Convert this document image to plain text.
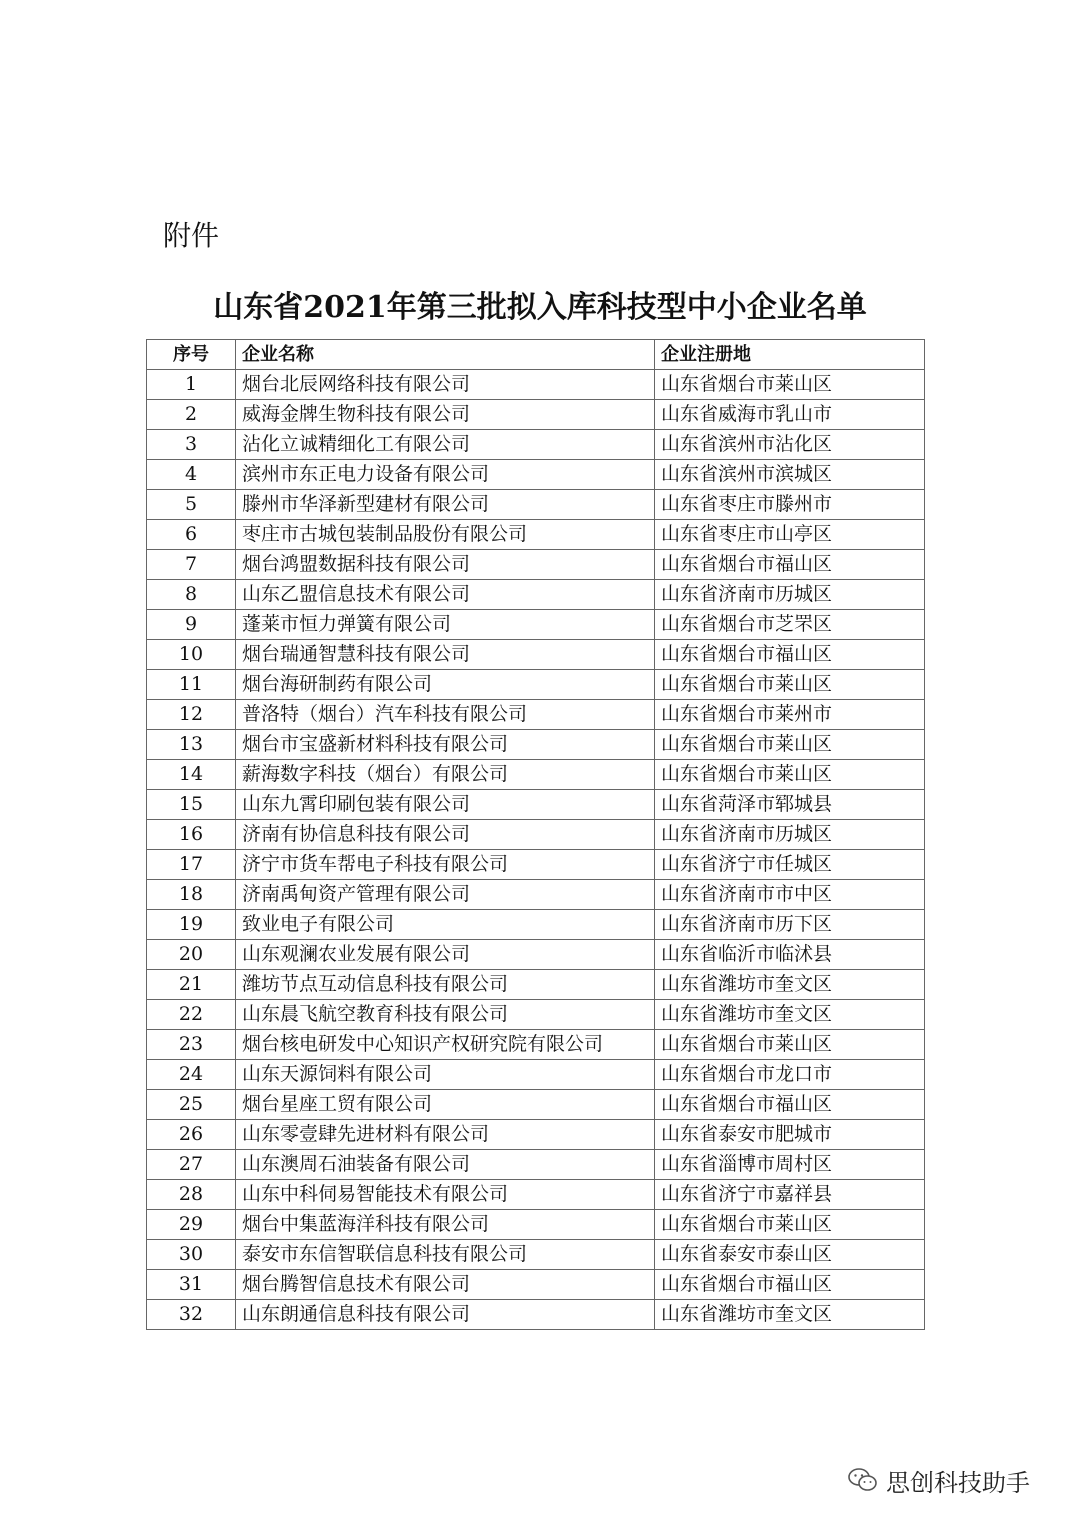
附件
山东省2021年第三批拟入库科技型中小企业名单
序号	企业名称	企业注册地
1	烟台北辰网络科技有限公司	山东省烟台市莱山区
2	威海金牌生物科技有限公司	山东省威海市乳山市
3	沾化立诚精细化工有限公司	山东省滨州市沾化区
4	滨州市东正电力设备有限公司	山东省滨州市滨城区
5	滕州市华泽新型建材有限公司	山东省枣庄市滕州市
6	枣庄市古城包装制品股份有限公司	山东省枣庄市山亭区
7	烟台鸿盟数据科技有限公司	山东省烟台市福山区
8	山东乙盟信息技术有限公司	山东省济南市历城区
9	蓬莱市恒力弹簧有限公司	山东省烟台市芝罘区
10	烟台瑞通智慧科技有限公司	山东省烟台市福山区
11	烟台海研制药有限公司	山东省烟台市莱山区
12	普洛特（烟台）汽车科技有限公司	山东省烟台市莱州市
13	烟台市宝盛新材料科技有限公司	山东省烟台市莱山区
14	薪海数字科技（烟台）有限公司	山东省烟台市莱山区
15	山东九霄印刷包装有限公司	山东省菏泽市郓城县
16	济南有协信息科技有限公司	山东省济南市历城区
17	济宁市货车帮电子科技有限公司	山东省济宁市任城区
18	济南禹甸资产管理有限公司	山东省济南市市中区
19	致业电子有限公司	山东省济南市历下区
20	山东观澜农业发展有限公司	山东省临沂市临沭县
21	潍坊节点互动信息科技有限公司	山东省潍坊市奎文区
22	山东晨飞航空教育科技有限公司	山东省潍坊市奎文区
23	烟台核电研发中心知识产权研究院有限公司	山东省烟台市莱山区
24	山东天源饲料有限公司	山东省烟台市龙口市
25	烟台星座工贸有限公司	山东省烟台市福山区
26	山东零壹肆先进材料有限公司	山东省泰安市肥城市
27	山东澳周石油装备有限公司	山东省淄博市周村区
28	山东中科伺易智能技术有限公司	山东省济宁市嘉祥县
29	烟台中集蓝海洋科技有限公司	山东省烟台市莱山区
30	泰安市东信智联信息科技有限公司	山东省泰安市泰山区
31	烟台腾智信息技术有限公司	山东省烟台市福山区
32	山东朗通信息科技有限公司	山东省潍坊市奎文区
思创科技助手
